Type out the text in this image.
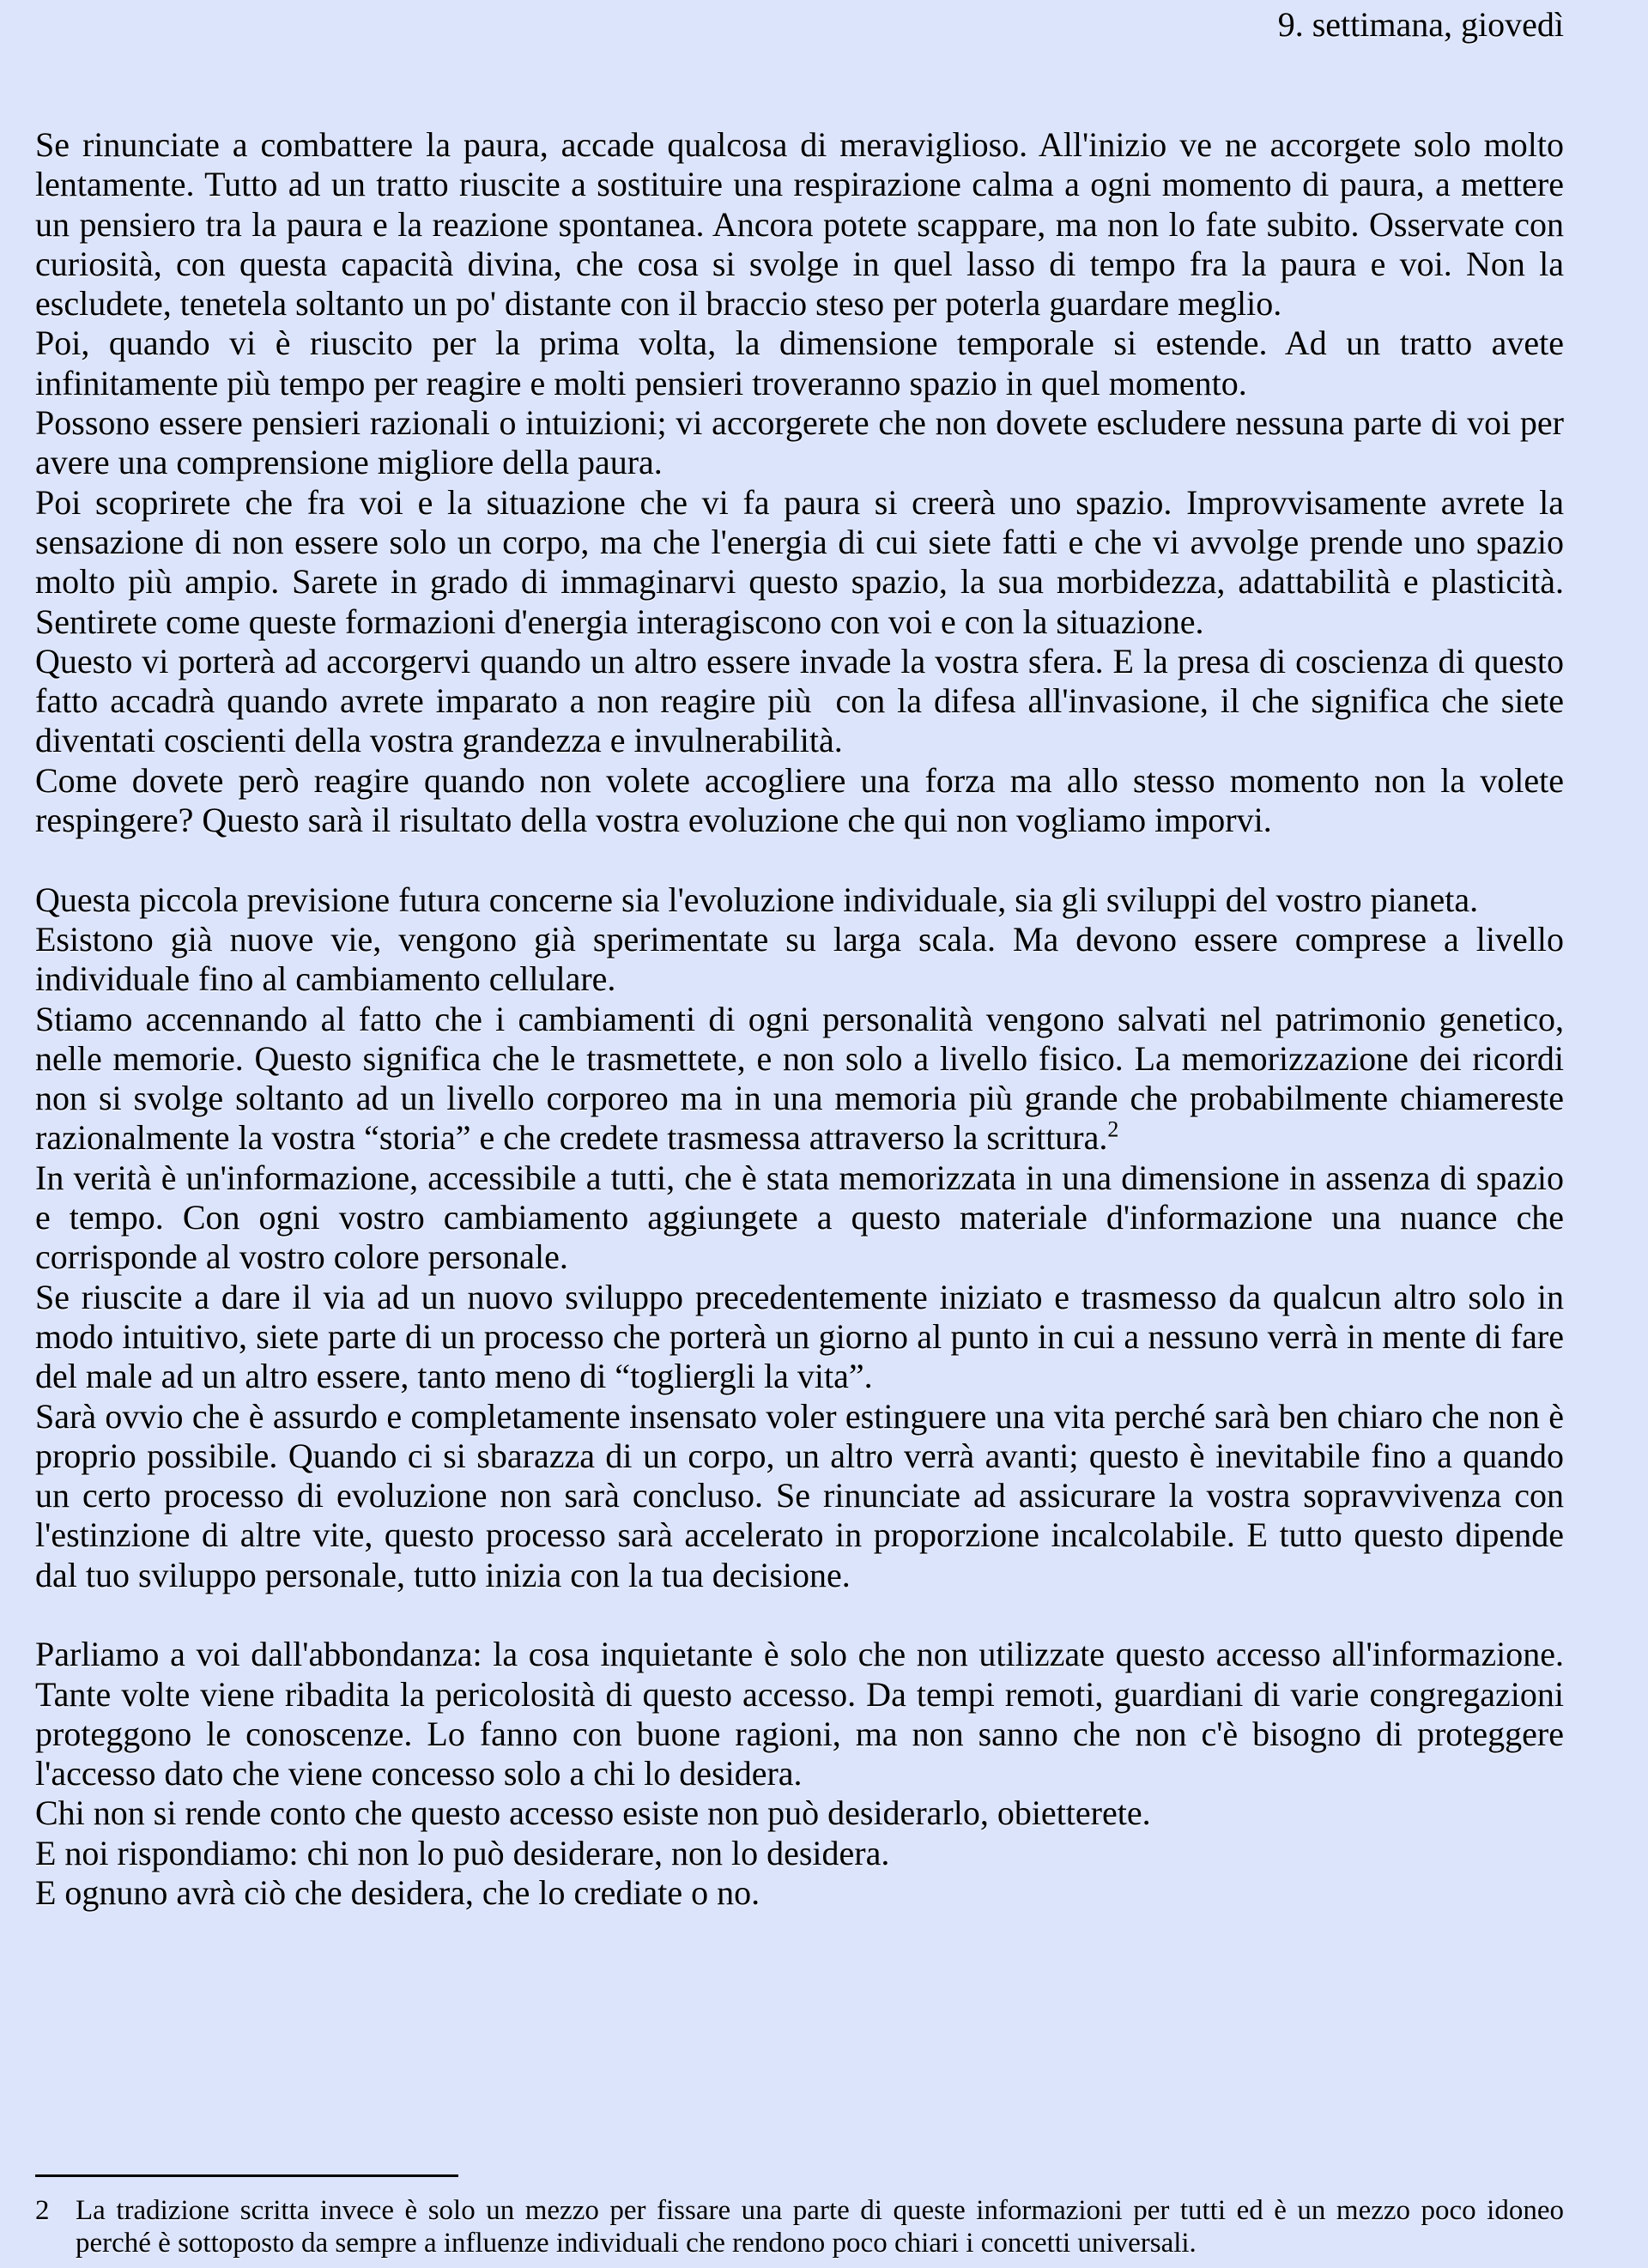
9. settimana, giovedì

Se rinunciate a combattere la paura, accade qualcosa di meraviglioso. All'inizio ve ne accorgete solo molto lentamente. Tutto ad un tratto riuscite a sostituire una respirazione calma a ogni momento di paura, a mettere un pensiero tra la paura e la reazione spontanea. Ancora potete scappare, ma non lo fate subito. Osservate con curiosità, con questa capacità divina, che cosa si svolge in quel lasso di tempo fra la paura e voi. Non la escludete, tenetela soltanto un po' distante con il braccio steso per poterla guardare meglio.

Poi, quando vi è riuscito per la prima volta, la dimensione temporale si estende. Ad un tratto avete infinitamente più tempo per reagire e molti pensieri troveranno spazio in quel momento.

Possono essere pensieri razionali o intuizioni; vi accorgerete che non dovete escludere nessuna parte di voi per avere una comprensione migliore della paura.

Poi scoprirete che fra voi e la situazione che vi fa paura si creerà uno spazio. Improvvisamente avrete la sensazione di non essere solo un corpo, ma che l'energia di cui siete fatti e che vi avvolge prende uno spazio molto più ampio. Sarete in grado di immaginarvi questo spazio, la sua morbidezza, adattabilità e plasticità. Sentirete come queste formazioni d'energia interagiscono con voi e con la situazione.

Questo vi porterà ad accorgervi quando un altro essere invade la vostra sfera. E la presa di coscienza di questo fatto accadrà quando avrete imparato a non reagire più  con la difesa all'invasione, il che significa che siete diventati coscienti della vostra grandezza e invulnerabilità.

Come dovete però reagire quando non volete accogliere una forza ma allo stesso momento non la volete respingere? Questo sarà il risultato della vostra evoluzione che qui non vogliamo imporvi.

Questa piccola previsione futura concerne sia l'evoluzione individuale, sia gli sviluppi del vostro pianeta.

Esistono già nuove vie, vengono già sperimentate su larga scala. Ma devono essere comprese a livello individuale fino al cambiamento cellulare.

Stiamo accennando al fatto che i cambiamenti di ogni personalità vengono salvati nel patrimonio genetico, nelle memorie. Questo significa che le trasmettete, e non solo a livello fisico. La memorizzazione dei ricordi non si svolge soltanto ad un livello corporeo ma in una memoria più grande che probabilmente chiamereste razionalmente la vostra “storia” e che credete trasmessa attraverso la scrittura.$^2$

In verità è un'informazione, accessibile a tutti, che è stata memorizzata in una dimensione in assenza di spazio e tempo. Con ogni vostro cambiamento aggiungete a questo materiale d'informazione una nuance che corrisponde al vostro colore personale.

Se riuscite a dare il via ad un nuovo sviluppo precedentemente iniziato e trasmesso da qualcun altro solo in modo intuitivo, siete parte di un processo che porterà un giorno al punto in cui a nessuno verrà in mente di fare del male ad un altro essere, tanto meno di “togliergli la vita”.

Sarà ovvio che è assurdo e completamente insensato voler estinguere una vita perché sarà ben chiaro che non è proprio possibile. Quando ci si sbarazza di un corpo, un altro verrà avanti; questo è inevitabile fino a quando un certo processo di evoluzione non sarà concluso. Se rinunciate ad assicurare la vostra sopravvivenza con l'estinzione di altre vite, questo processo sarà accelerato in proporzione incalcolabile. E tutto questo dipende dal tuo sviluppo personale, tutto inizia con la tua decisione.

Parliamo a voi dall'abbondanza: la cosa inquietante è solo che non utilizzate questo accesso all'informazione. Tante volte viene ribadita la pericolosità di questo accesso. Da tempi remoti, guardiani di varie congregazioni proteggono le conoscenze. Lo fanno con buone ragioni, ma non sanno che non c'è bisogno di proteggere l'accesso dato che viene concesso solo a chi lo desidera.

Chi non si rende conto che questo accesso esiste non può desiderarlo, obietterete.

E noi rispondiamo: chi non lo può desiderare, non lo desidera.

E ognuno avrà ciò che desidera, che lo crediate o no.

2 La tradizione scritta invece è solo un mezzo per fissare una parte di queste informazioni per tutti ed è un mezzo poco idoneo perché è sottoposto da sempre a influenze individuali che rendono poco chiari i concetti universali.
